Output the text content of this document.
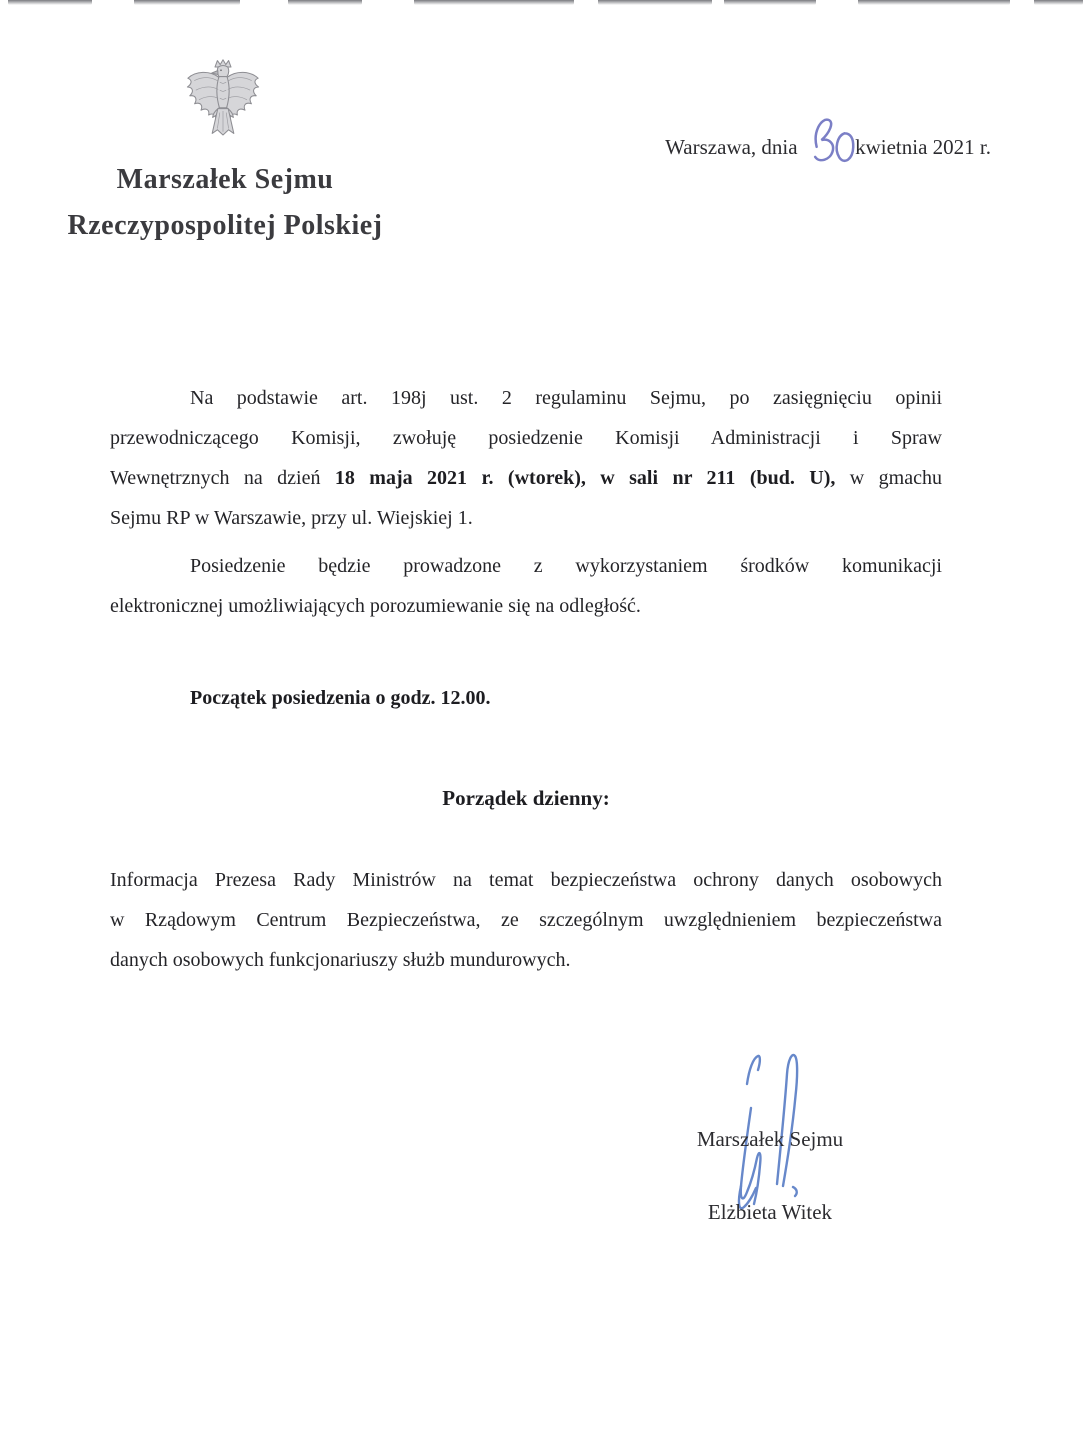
Marszałek Sejmu
Rzeczypospolitej Polskiej
Warszawa, dnia	kwietnia 2021 r.
Na podstawie art. 198j ust. 2 regulaminu Sejmu, po zasięgnięciu opinii
przewodniczącego Komisji, zwołuję posiedzenie Komisji Administracji i Spraw
Wewnętrznych na dzień 18 maja 2021 r. (wtorek), w sali nr 211 (bud. U), w gmachu
Sejmu RP w Warszawie, przy ul. Wiejskiej 1.
Posiedzenie będzie prowadzone z wykorzystaniem środków komunikacji
elektronicznej umożliwiających porozumiewanie się na odległość.
Początek posiedzenia o godz. 12.00.
Porządek dzienny:
Informacja Prezesa Rady Ministrów na temat bezpieczeństwa ochrony danych osobowych
w Rządowym Centrum Bezpieczeństwa, ze szczególnym uwzględnieniem bezpieczeństwa
danych osobowych funkcjonariuszy służb mundurowych.
Marszałek Sejmu
Elżbieta Witek
